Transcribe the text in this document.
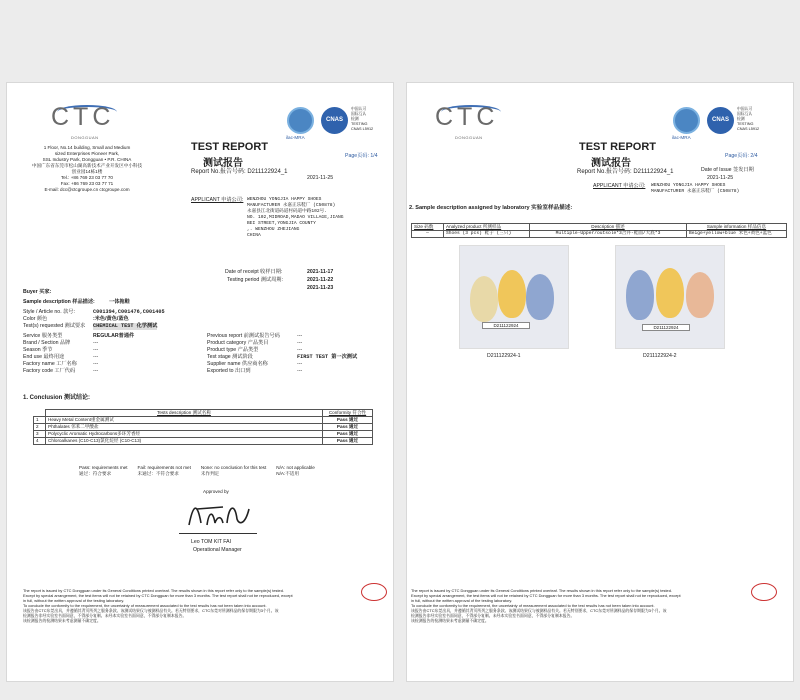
CTC
DONGGUAN
1 Floor, No.14 building, Small and Medium
sized Enterprises Pioneer Park,
SSL Industry Park, Dongguan • P.R. CHINA
中国广东省东莞市松山湖高新技术产业开发区中小科技
创业园14栋1楼
Tel.: +86 769 23 03 77 70
Fax: +86 769 23 03 77 71
E-mail: dcc@ctcgroupe.cn ctcgroupe.com
TEST REPORT
测试报告
ilac-MRA
CNAS
中国认可
国际互认
检测
TESTING
CNAS L5912
Page页码: 1/4
Report No.报告号码: D211122924_1
2021-11-25
APPLICANT 申请公司: WENZHOU YONGJIA HAPPY SHOES
MANUFACTURER 永嘉正乐鞋厂 (C50878)
永嘉县江北街道码道村码道中路102号.
NO. 102,MIDROAD,MADAO VILLAGE,JIANG
BEI STREET,YONGJIA COUNTY
,. WENZHOU ZHEJIANG
CHINA
Date of receipt 收样日期:	2021-11-17
Testing period 测试周期:	2021-11-22
2021-11-23
Buyer 买家:
Sample description 样品描述:	一体拖鞋
Style / Article no. 款号:	C001394,C001476,C001405
Color 颜色	:米色/黄色/蓝色
Test(s) requested 测试要求	CHEMICAL TEST 化学测试
Service 服务类型	REGULAR普通件
Brand / Section 品牌	---
Season 季节	---
End use 最终用途	---
Factory name 工厂名称	---
Factory code 工厂代码	---
Previous report 前测试报告号码	---
Product category 产品类目	---
Product type 产品类型	---
Test stage 测试阶段	FIRST TEST 第一次测试
Supplier name 供应商名称	---
Exported to 出口到	---
1. Conclusion 测试结论:
	Tests description 测试名称	Conformity 符合性
1	Heavy Metal Content重金属测试	Pass 通过
2	Phthalates 邻苯二甲酸盐	Pass 通过
3	Polycyclic Aromatic Hydrocarbons多环芳香烃	Pass 通过
4	Chloroalkanes (C10-C13)氯化烷烃 (C10-C13)	Pass 通过
Pass: requirements met
通过：符合要求
Fail: requirements not met
未通过：不符合要求
None: no conclusion for this test
未作判定
N/A: not applicable
N/A:不适用
Approved by
Leo TOM KIT FAI
Operational Manager
The report is issued by CTC Dongguan under its General Conditions printed overleaf. The results shown in this report refer only to the sample(s) tested.
Except by special arrangement, the test items will not be retained by CTC Dongguan for more than 3 months. The test report shall not be reproduced, except
in full, without the written approval of the testing laboratory.
To conclude the conformity to the requirement, the uncertainty of measurement associated to the test results has not been taken into account.
该报告由CTC东莞出具，并遵循其背页所列之服务条款。该测试结果仅与被测样品有关。若无特别要求，CTC东莞对所测样品的保存期限为3个月。该
检测报告非经实验室书面同意，不得部分复制。未经本实验室书面同意，不得部分复制本报告。
该检测报告的检测结果未考虑测量不确定度。
CTC
DONGGUAN	ilac-MRA
CNAS
中国认可
国际互认
检测
TESTING
CNAS L5912
TEST REPORT
测试报告
Page页码: 2/4
Report No.报告号码: D211122924_1	Date of Issue 签发日期
2021-11-25
APPLICANT 申请公司: WENZHOU YONGJIA HAPPY SHOES
MANUFACTURER 永嘉正乐鞋厂 (C50878)
2. Sample description assigned by laboratory 实验室样品描述:
Size 码数	Analyzed product 所测样品	Description 描述	Sample information 样品信息
—	Shoes (3 pcs) 鞋子 (三只)	Multiple-Upper/outsole*3合并-鞋面/大底*3	Beige+yellow+blue 米色+黄色+蓝色
D211122924
D211122924-1
D211122924
D211122924-2
The report is issued by CTC Dongguan under its General Conditions printed overleaf. The results shown in this report refer only to the sample(s) tested.
Except by special arrangement, the test items will not be retained by CTC Dongguan for more than 3 months. The test report shall not be reproduced, except
in full, without the written approval of the testing laboratory.
To conclude the conformity to the requirement, the uncertainty of measurement associated to the test results has not been taken into account.
该报告由CTC东莞出具，并遵循其背页所列之服务条款。该测试结果仅与被测样品有关。若无特别要求，CTC东莞对所测样品的保存期限为3个月。该
检测报告非经实验室书面同意，不得部分复制。未经本实验室书面同意，不得部分复制本报告。
该检测报告的检测结果未考虑测量不确定度。
